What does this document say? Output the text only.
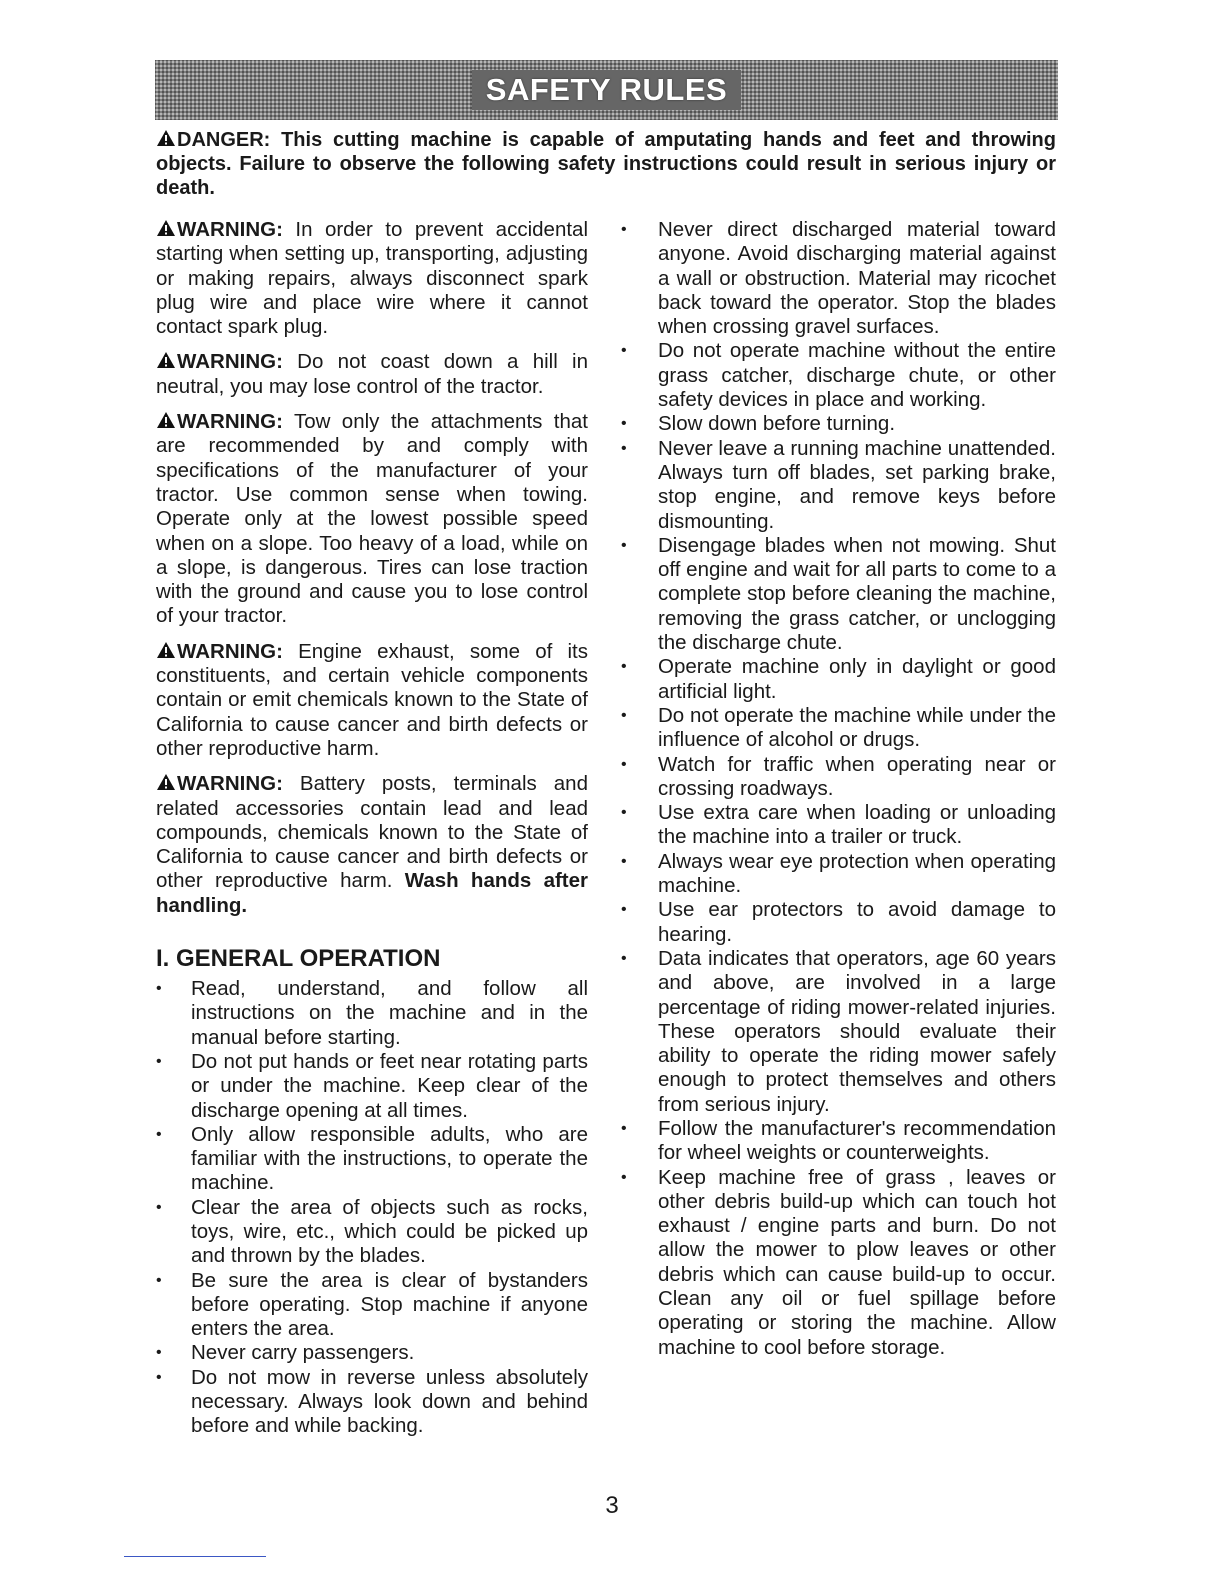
SAFETY RULES
DANGER: This cutting machine is capable of amputating hands and feet and throwing objects. Failure to observe the following safety instructions could result in serious injury or death.

WARNING: In order to prevent accidental starting when setting up, transporting, adjusting or making repairs, always disconnect spark plug wire and place wire where it cannot contact spark plug.

WARNING: Do not coast down a hill in neutral, you may lose control of the tractor.

WARNING: Tow only the attachments that are recommended by and comply with specifications of the manufacturer of your tractor. Use common sense when towing. Operate only at the lowest possible speed when on a slope. Too heavy of a load, while on a slope, is dangerous. Tires can lose traction with the ground and cause you to lose control of your tractor.

WARNING: Engine exhaust, some of its constituents, and certain vehicle components contain or emit chemicals known to the State of California to cause cancer and birth defects or other reproductive harm.

WARNING: Battery posts, terminals and related accessories contain lead and lead compounds, chemicals known to the State of California to cause cancer and birth defects or other reproductive harm. Wash hands after handling.

I. GENERAL OPERATION
• Read, understand, and follow all instructions on the machine and in the manual before starting.
• Do not put hands or feet near rotating parts or under the machine. Keep clear of the discharge opening at all times.
• Only allow responsible adults, who are familiar with the instructions, to operate the machine.
• Clear the area of objects such as rocks, toys, wire, etc., which could be picked up and thrown by the blades.
• Be sure the area is clear of bystanders before operating. Stop machine if anyone enters the area.
• Never carry passengers.
• Do not mow in reverse unless absolutely necessary. Always look down and behind before and while backing.
• Never direct discharged material toward anyone. Avoid discharging material against a wall or obstruction. Material may ricochet back toward the operator. Stop the blades when crossing gravel surfaces.
• Do not operate machine without the entire grass catcher, discharge chute, or other safety devices in place and working.
• Slow down before turning.
• Never leave a running machine unattended. Always turn off blades, set parking brake, stop engine, and remove keys before dismounting.
• Disengage blades when not mowing. Shut off engine and wait for all parts to come to a complete stop before cleaning the machine, removing the grass catcher, or unclogging the discharge chute.
• Operate machine only in daylight or good artificial light.
• Do not operate the machine while under the influence of alcohol or drugs.
• Watch for traffic when operating near or crossing roadways.
• Use extra care when loading or unloading the machine into a trailer or truck.
• Always wear eye protection when operating machine.
• Use ear protectors to avoid damage to hearing.
• Data indicates that operators, age 60 years and above, are involved in a large percentage of riding mower-related injuries. These operators should evaluate their ability to operate the riding mower safely enough to protect themselves and others from serious injury.
• Follow the manufacturer's recommendation for wheel weights or counterweights.
• Keep machine free of grass , leaves or other debris build-up which can touch hot exhaust / engine parts and burn. Do not allow the mower to plow leaves or other debris which can cause build-up to occur. Clean any oil or fuel spillage before operating or storing the machine. Allow machine to cool before storage.
3
